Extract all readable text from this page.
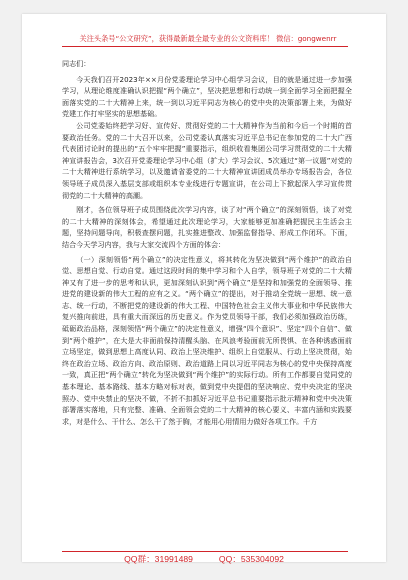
关注头条号“公文研究”，获得最新最全最专业的公文资料库！ 微信：gongwenrr

同志们：

今天我们召开2023年××月份党委理论学习中心组学习会议，目的就是通过进一步加强学习，从理论维度准确认识把握“两个确立”，坚决把思想和行动统一到全面学习全面把握全面落实党的二十大精神上来，统一到以习近平同志为核心的党中央的决策部署上来，为做好党建工作打牢坚实的思想基础。

公司党委始终把学习好、宣传好、贯彻好党的二十大精神作为当前和今后一个时期的首要政治任务。党的二十大召开以来，公司党委认真落实习近平总书记在参加党的二十大广西代表团讨论时的提出的“五个牢牢把握”重要指示，组织收看集团公司学习贯彻党的二十大精神宣讲报告会，3次召开党委理论学习中心组（扩大）学习会议、5次通过“第一议题”对党的二十大精神进行系统学习，以及邀请省委党的二十大精神宣讲团成员举办专场报告会，各位领导班子成员深入基层支部或组织本专业线进行专题宣讲，在公司上下掀起深入学习宣传贯彻党的二十大精神的高潮。

刚才，各位领导班子成员围绕此次学习内容，谈了对“两个确立”的深刻领悟，谈了对党的二十大精神的深刻体会，希望通过此次理论学习，大家能够更加准确把握民主生活会主题，坚持问题导向，积极查摆问题，扎实推进整改、加强监督指导、形成工作闭环。下面，结合今天学习内容，我与大家交流四个方面的体会：

（一）深刻领悟“两个确立”的决定性意义，将其转化为坚决做到“两个维护”的政治自觉、思想自觉、行动自觉。通过这段时间的集中学习和个人自学，领导班子对党的二十大精神又有了进一步的思考和认识，更加深刻认识到“两个确立”是坚持和加强党的全面领导、推进党的建设新的伟大工程的应有之义。“两个确立”的提出，对于推动全党统一思想、统一意志、统一行动，不断把党的建设新的伟大工程、中国特色社会主义伟大事业和中华民族伟大复兴推向前进，具有重大而深远的历史意义。作为党员领导干部，我们必须加强政治历练，砥砺政治品格，深刻领悟“两个确立”的决定性意义，增强“四个意识”、坚定“四个自信”、做到“两个维护”，在大是大非面前保持清醒头脑、在风浪考验面前无所畏惧、在各种诱惑面前立场坚定，做到思想上高度认同、政治上坚决维护、组织上自觉服从、行动上坚决贯彻，始终在政治立场、政治方向、政治原则、政治道路上同以习近平同志为核心的党中央保持高度一致，真正把“两个确立”转化为坚决做到“两个维护”的实际行动。所有工作都要自觉同党的基本理论、基本路线、基本方略对标对表，做到党中央提倡的坚决响应、党中央决定的坚决照办、党中央禁止的坚决不做，不折不扣抓好习近平总书记重要指示批示精神和党中央决策部署落实落地，只有完整、准确、全面领会党的二十大精神的核心要义、丰富内涵和实践要求，对是什么、干什么、怎么干了然于胸，才能用心用情用力做好各项工作。千方

QQ群：31991489	QQ：535304092
